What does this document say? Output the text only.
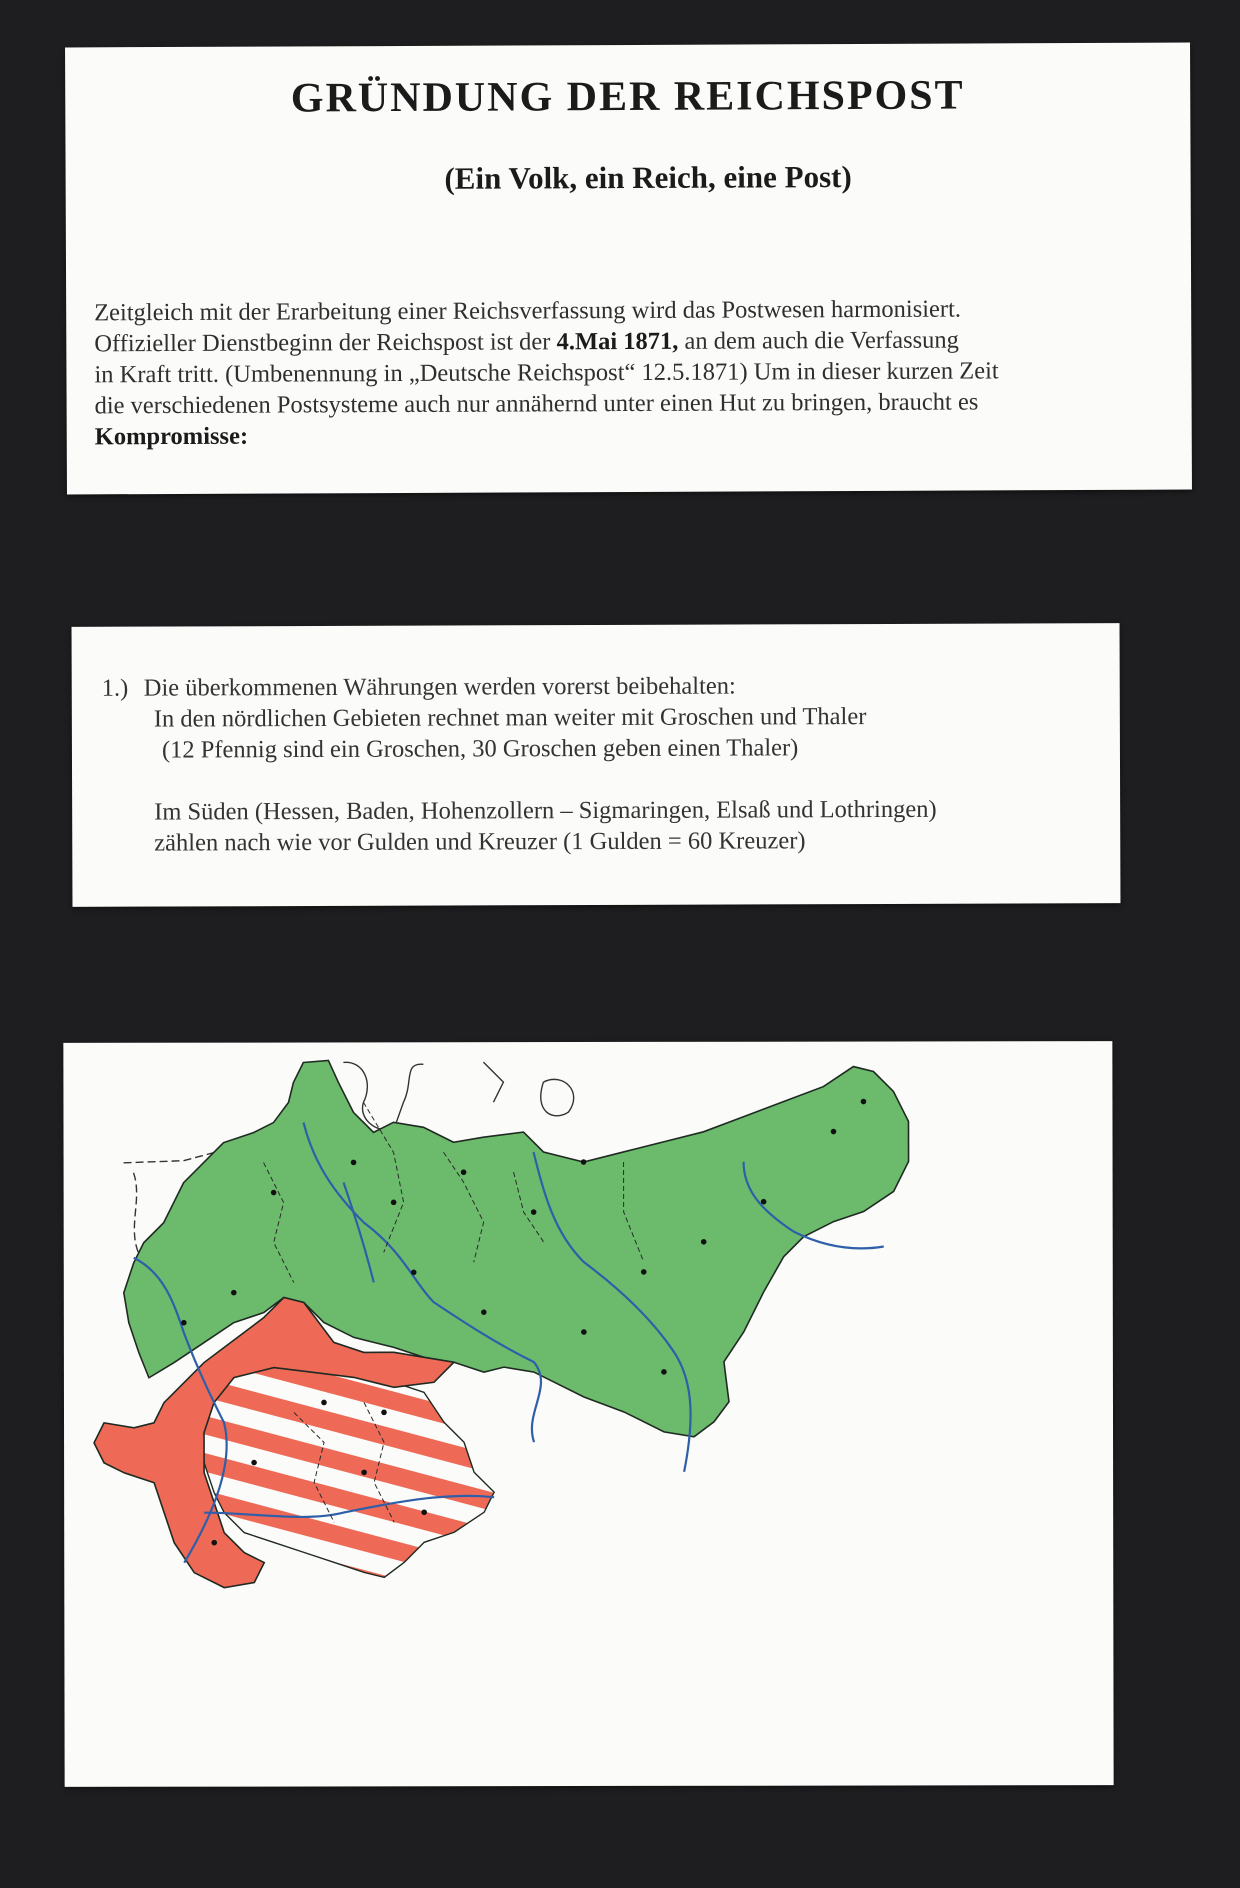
GRÜNDUNG DER REICHSPOST
(Ein Volk, ein Reich, eine Post)

Zeitgleich mit der Erarbeitung einer Reichsverfassung wird das Postwesen harmonisiert.
Offizieller Dienstbeginn der Reichspost ist der 4.Mai 1871, an dem auch die Verfassung
in Kraft tritt. (Umbenennung in „Deutsche Reichspost“ 12.5.1871) Um in dieser kurzen Zeit
die verschiedenen Postsysteme auch nur annähernd unter einen Hut zu bringen, braucht es
Kompromisse:

1.) Die überkommenen Währungen werden vorerst beibehalten:
In den nördlichen Gebieten rechnet man weiter mit Groschen und Thaler
(12 Pfennig sind ein Groschen, 30 Groschen geben einen Thaler)
Im Süden (Hessen, Baden, Hohenzollern – Sigmaringen, Elsaß und Lothringen)
zählen nach wie vor Gulden und Kreuzer (1 Gulden = 60 Kreuzer)
